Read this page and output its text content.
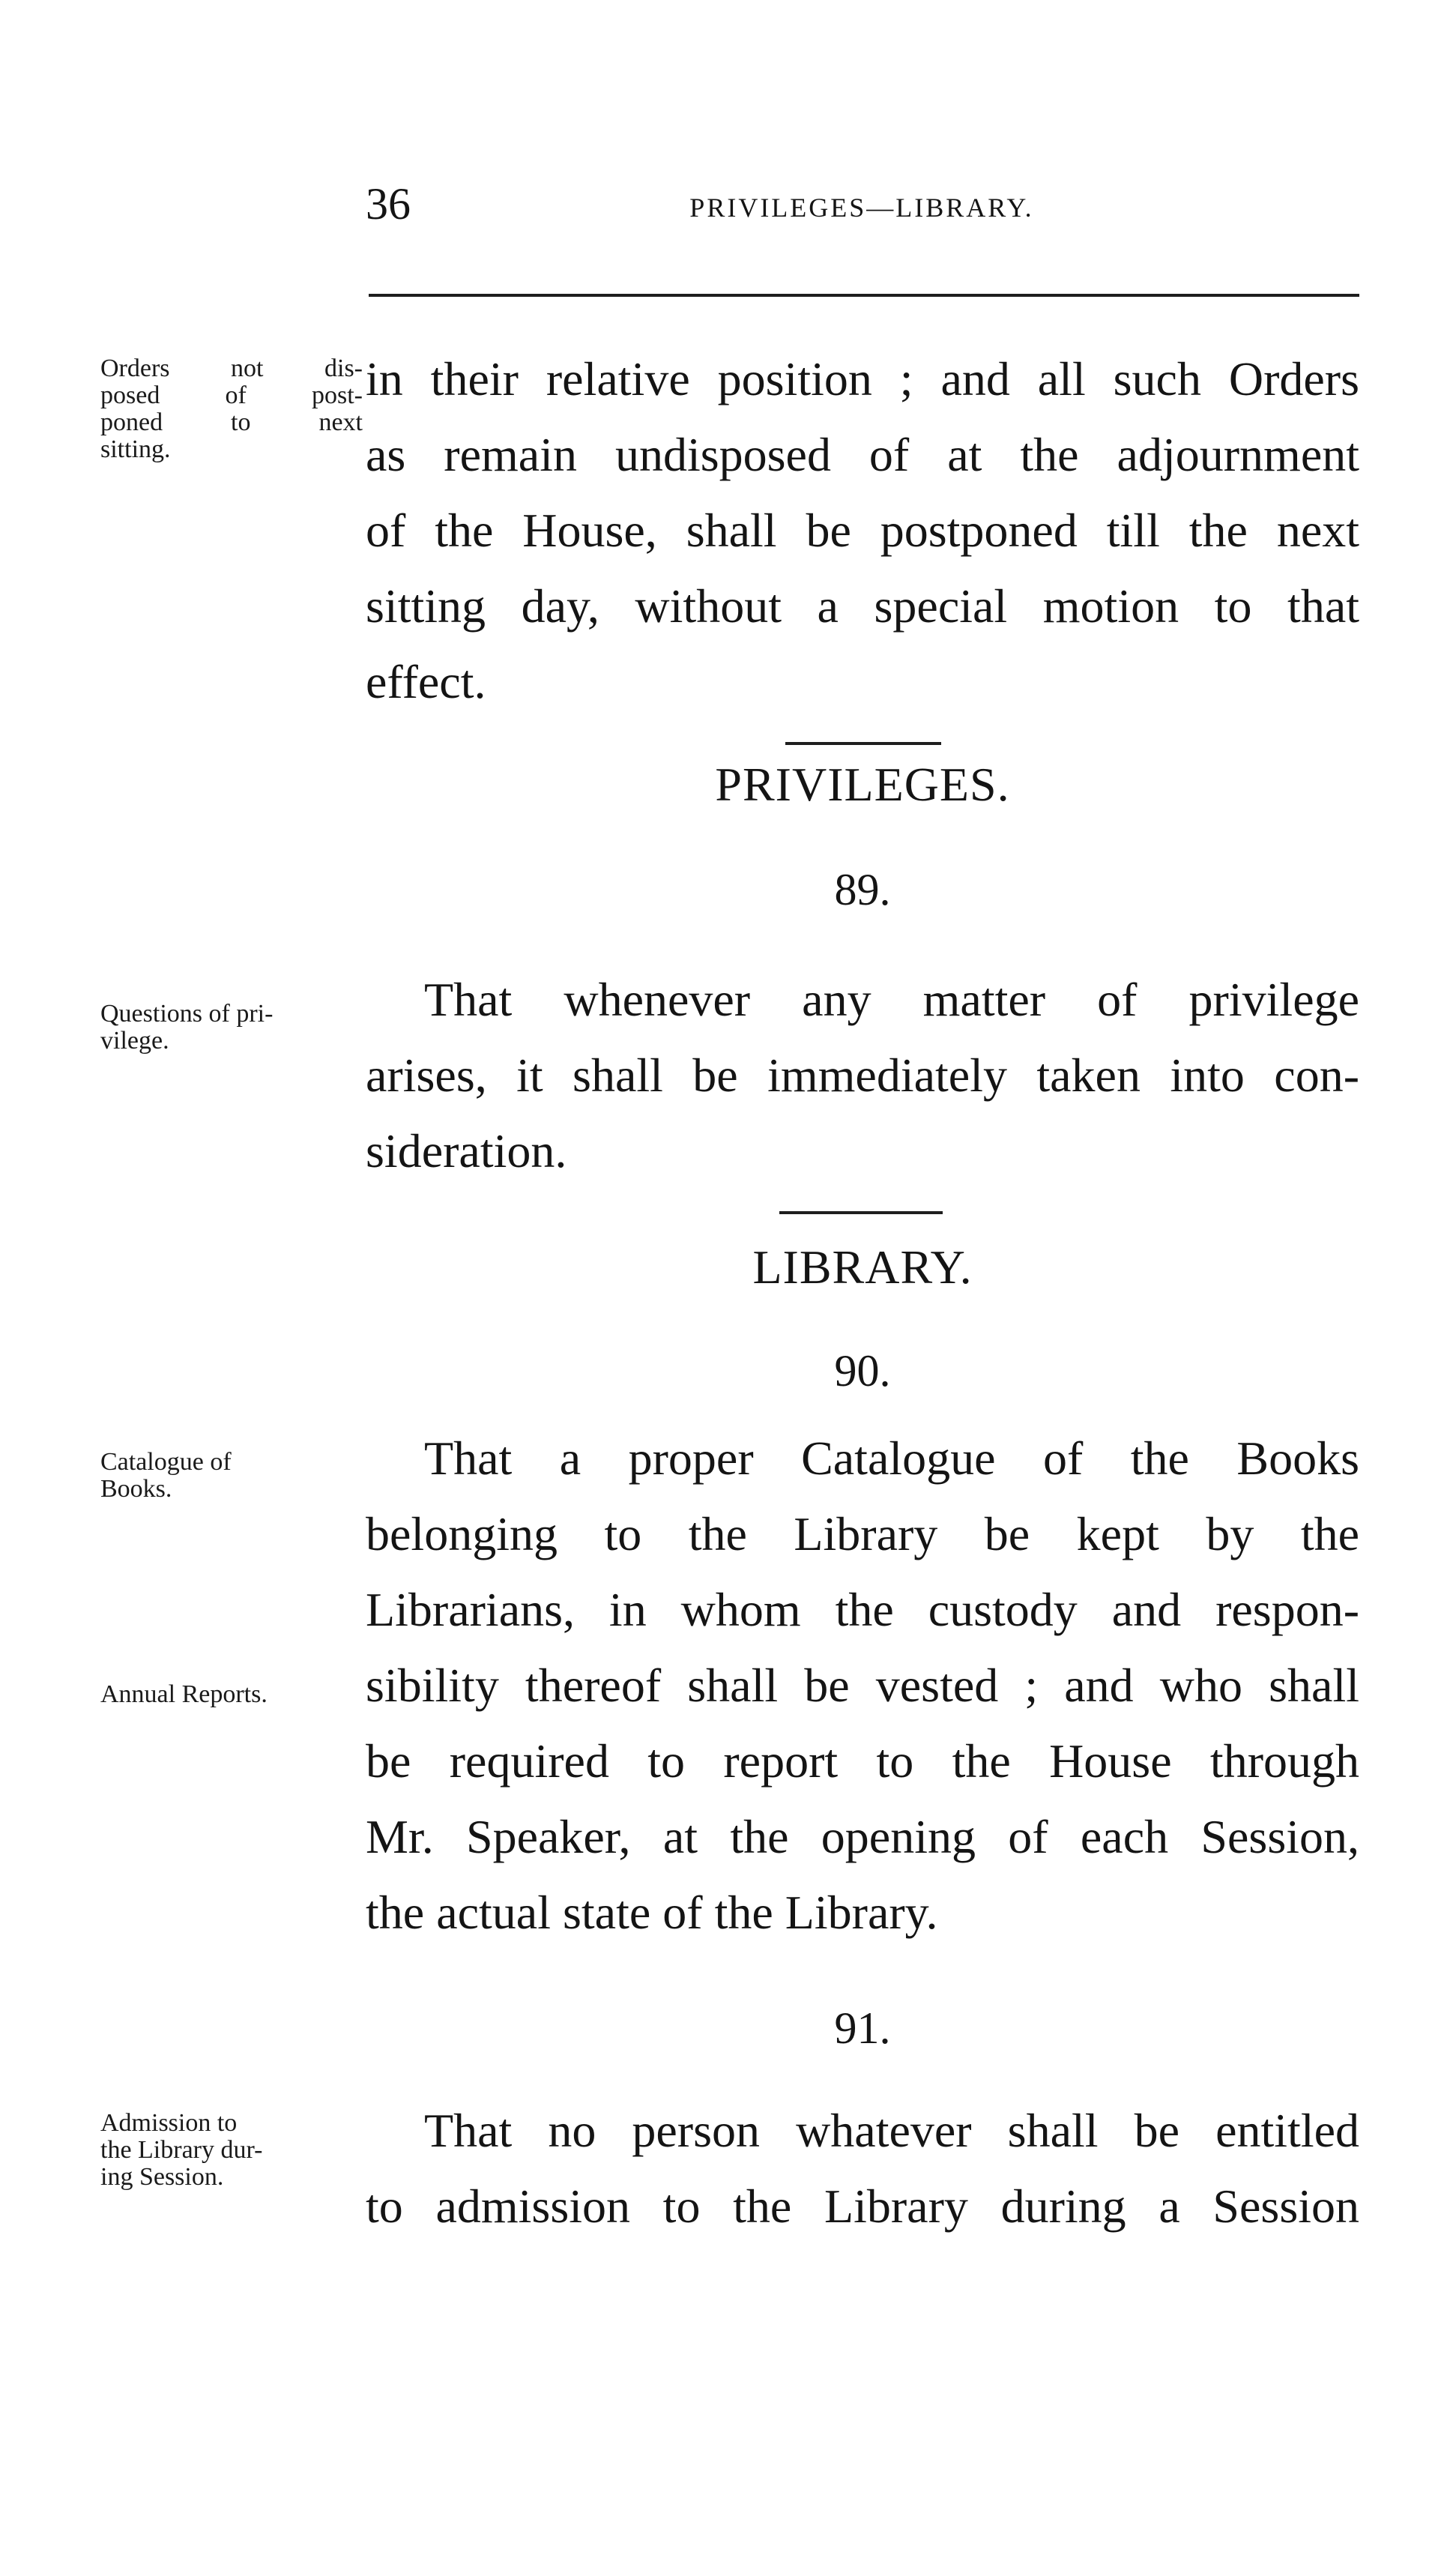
36	PRIVILEGES—LIBRARY.
Orders not dis-
posed of post-
poned to next
sitting.
in their relative position ; and all such Orders
as remain undisposed of at the adjournment
of the House, shall be postponed till the next
sitting day, without a special motion to that
effect.
PRIVILEGES.
89.
Questions of pri-
vilege.
That whenever any matter of privilege
arises, it shall be immediately taken into con-
sideration.
LIBRARY.
90.
Catalogue of
Books.
Annual Reports.
That a proper Catalogue of the Books
belonging to the Library be kept by the
Librarians, in whom the custody and respon-
sibility thereof shall be vested ; and who shall
be required to report to the House through
Mr. Speaker, at the opening of each Session,
the actual state of the Library.
91.
Admission to
the Library dur-
ing Session.
That no person whatever shall be entitled
to admission to the Library during a Session
